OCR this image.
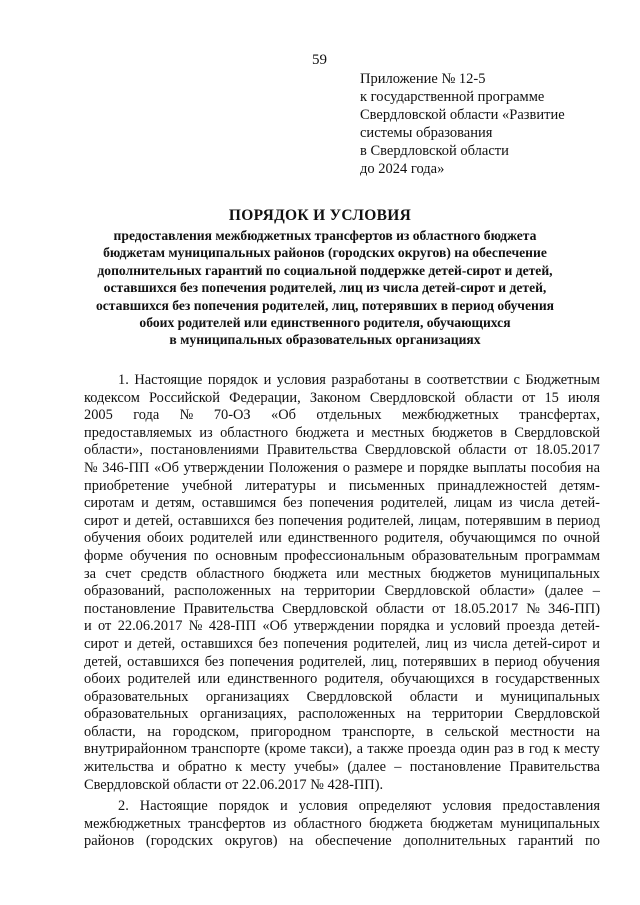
59
Приложение № 12-5
к государственной программе
Свердловской области «Развитие
системы образования
в Свердловской области
до 2024 года»
ПОРЯДОК И УСЛОВИЯ
предоставления межбюджетных трансфертов из областного бюджета
бюджетам муниципальных районов (городских округов) на обеспечение
дополнительных гарантий по социальной поддержке детей-сирот и детей,
оставшихся без попечения родителей, лиц из числа детей-сирот и детей,
оставшихся без попечения родителей, лиц, потерявших в период обучения
обоих родителей или единственного родителя, обучающихся
в муниципальных образовательных организациях
1. Настоящие порядок и условия разработаны в соответствии с Бюджетным
кодексом Российской Федерации, Законом Свердловской области от 15 июля
2005 года № 70-ОЗ «Об отдельных межбюджетных трансфертах,
предоставляемых из областного бюджета и местных бюджетов в Свердловской
области», постановлениями Правительства Свердловской области от 18.05.2017
№ 346-ПП «Об утверждении Положения о размере и порядке выплаты пособия на
приобретение учебной литературы и письменных принадлежностей детям-
сиротам и детям, оставшимся без попечения родителей, лицам из числа детей-
сирот и детей, оставшихся без попечения родителей, лицам, потерявшим в период
обучения обоих родителей или единственного родителя, обучающимся по очной
форме обучения по основным профессиональным образовательным программам
за счет средств областного бюджета или местных бюджетов муниципальных
образований, расположенных на территории Свердловской области» (далее –
постановление Правительства Свердловской области от 18.05.2017 № 346-ПП)
и от 22.06.2017 № 428-ПП «Об утверждении порядка и условий проезда детей-
сирот и детей, оставшихся без попечения родителей, лиц из числа детей-сирот и
детей, оставшихся без попечения родителей, лиц, потерявших в период обучения
обоих родителей или единственного родителя, обучающихся в государственных
образовательных организациях Свердловской области и муниципальных
образовательных организациях, расположенных на территории Свердловской
области, на городском, пригородном транспорте, в сельской местности на
внутрирайонном транспорте (кроме такси), а также проезда один раз в год к месту
жительства и обратно к месту учебы» (далее – постановление Правительства
Свердловской области от 22.06.2017 № 428-ПП).
2. Настоящие порядок и условия определяют условия предоставления
межбюджетных трансфертов из областного бюджета бюджетам муниципальных
районов (городских округов) на обеспечение дополнительных гарантий по
